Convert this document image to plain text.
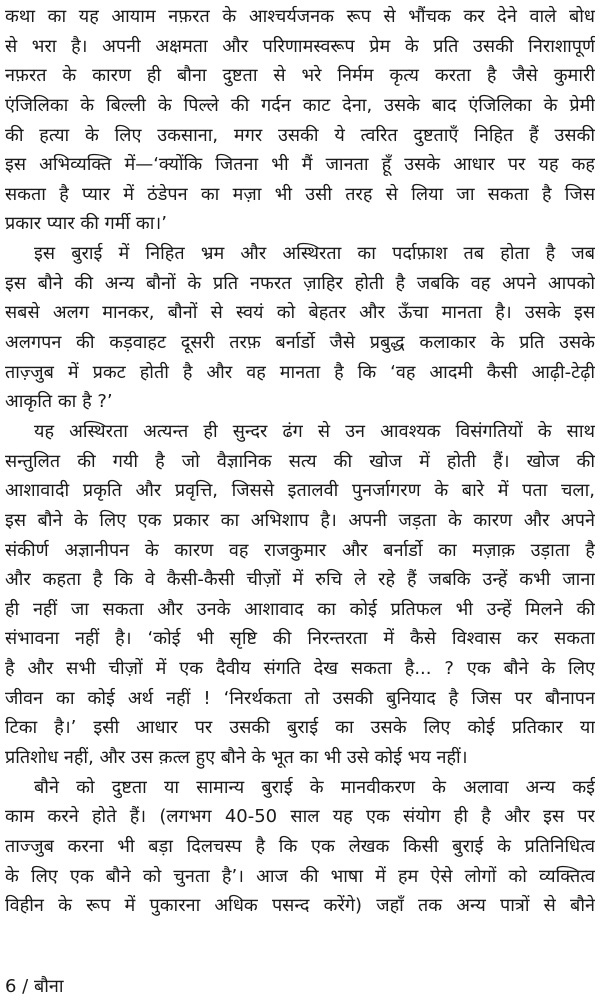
कथा का यह आयाम नफ़रत के आश्चर्यजनक रूप से भौंचक कर देने वाले बोध
से भरा है। अपनी अक्षमता और परिणामस्वरूप प्रेम के प्रति उसकी निराशापूर्ण
नफ़रत के कारण ही बौना दुष्टता से भरे निर्मम कृत्य करता है जैसे कुमारी
एंजिलिका के बिल्ली के पिल्ले की गर्दन काट देना, उसके बाद एंजिलिका के प्रेमी
की हत्या के लिए उकसाना, मगर उसकी ये त्वरित दुष्टताएँ निहित हैं उसकी
इस अभिव्यक्ति में—‘क्योंकि जितना भी मैं जानता हूँ उसके आधार पर यह कह
सकता है प्यार में ठंडेपन का मज़ा भी उसी तरह से लिया जा सकता है जिस
प्रकार प्यार की गर्मी का।’
इस बुराई में निहित भ्रम और अस्थिरता का पर्दाफ़ाश तब होता है जब
इस बौने की अन्य बौनों के प्रति नफरत ज़ाहिर होती है जबकि वह अपने आपको
सबसे अलग मानकर, बौनों से स्वयं को बेहतर और ऊँचा मानता है। उसके इस
अलगपन की कड़वाहट दूसरी तरफ़ बर्नार्डो जैसे प्रबुद्ध कलाकार के प्रति उसके
ताज़्जुब में प्रकट होती है और वह मानता है कि ‘वह आदमी कैसी आढ़ी-टेढ़ी
आकृति का है ?’
यह अस्थिरता अत्यन्त ही सुन्दर ढंग से उन आवश्यक विसंगतियों के साथ
सन्तुलित की गयी है जो वैज्ञानिक सत्य की खोज में होती हैं। खोज की
आशावादी प्रकृति और प्रवृत्ति, जिससे इतालवी पुनर्जागरण के बारे में पता चला,
इस बौने के लिए एक प्रकार का अभिशाप है। अपनी जड़ता के कारण और अपने
संकीर्ण अज्ञानीपन के कारण वह राजकुमार और बर्नार्डो का मज़ाक़ उड़ाता है
और कहता है कि वे कैसी-कैसी चीज़ों में रुचि ले रहे हैं जबकि उन्हें कभी जाना
ही नहीं जा सकता और उनके आशावाद का कोई प्रतिफल भी उन्हें मिलने की
संभावना नहीं है। ‘कोई भी सृष्टि की निरन्तरता में कैसे विश्वास कर सकता
है और सभी चीज़ों में एक दैवीय संगति देख सकता है... ? एक बौने के लिए
जीवन का कोई अर्थ नहीं ! ‘निरर्थकता तो उसकी बुनियाद है जिस पर बौनापन
टिका है।’ इसी आधार पर उसकी बुराई का उसके लिए कोई प्रतिकार या
प्रतिशोध नहीं, और उस क़त्ल हुए बौने के भूत का भी उसे कोई भय नहीं।
बौने को दुष्टता या सामान्य बुराई के मानवीकरण के अलावा अन्य कई
काम करने होते हैं। (लगभग 40-50 साल यह एक संयोग ही है और इस पर
ताज्जुब करना भी बड़ा दिलचस्प है कि एक लेखक किसी बुराई के प्रतिनिधित्व
के लिए एक बौने को चुनता है’। आज की भाषा में हम ऐसे लोगों को व्यक्तित्व
विहीन के रूप में पुकारना अधिक पसन्द करेंगे) जहाँ तक अन्य पात्रों से बौने
6 / बौना
